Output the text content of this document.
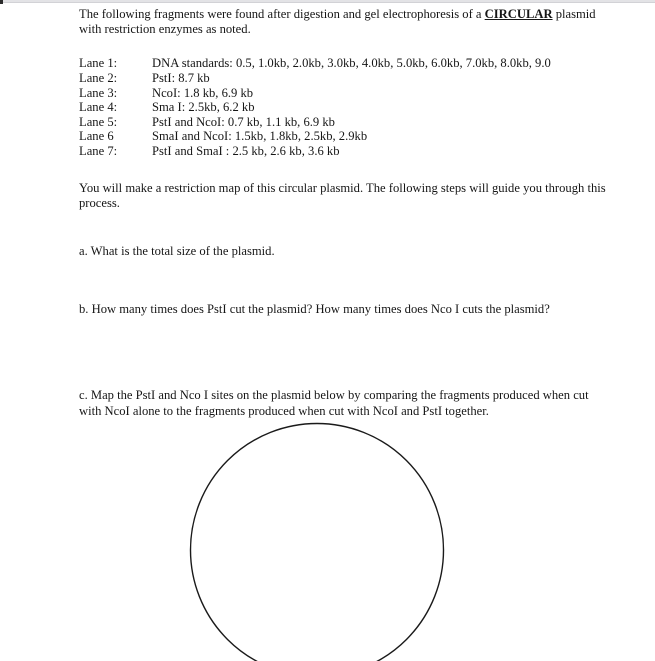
The following fragments were found after digestion and gel electrophoresis of a CIRCULAR plasmid with restriction enzymes as noted.

Lane 1:	DNA standards: 0.5, 1.0kb, 2.0kb, 3.0kb, 4.0kb, 5.0kb, 6.0kb, 7.0kb, 8.0kb, 9.0
Lane 2:	PstI: 8.7 kb
Lane 3:	NcoI: 1.8 kb, 6.9 kb
Lane 4:	Sma I: 2.5kb, 6.2 kb
Lane 5:	PstI and NcoI: 0.7 kb, 1.1 kb, 6.9 kb
Lane 6	SmaI and NcoI: 1.5kb, 1.8kb, 2.5kb, 2.9kb
Lane 7:	PstI and SmaI : 2.5 kb, 2.6 kb, 3.6 kb

You will make a restriction map of this circular plasmid. The following steps will guide you through this process.

a. What is the total size of the plasmid.

b. How many times does PstI cut the plasmid? How many times does Nco I cuts the plasmid?

c. Map the PstI and Nco I sites on the plasmid below by comparing the fragments produced when cut with NcoI alone to the fragments produced when cut with NcoI and PstI together.
